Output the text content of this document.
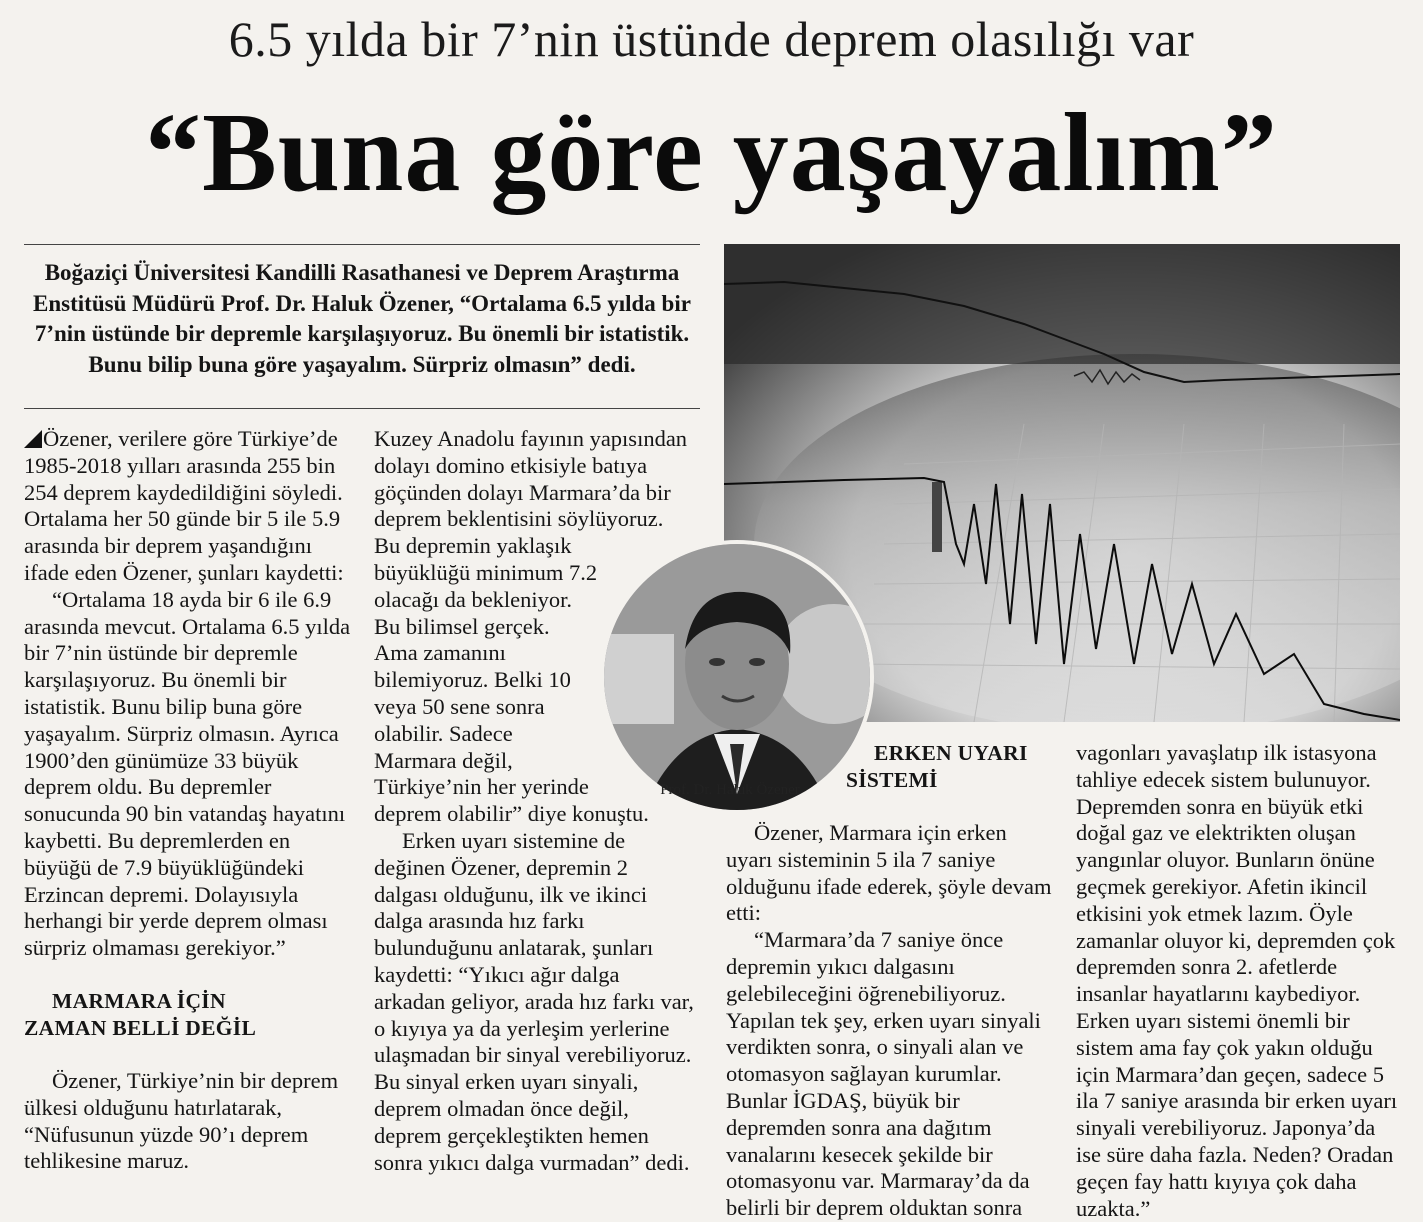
6.5 yılda bir 7’nin üstünde deprem olasılığı var
“Buna göre yaşayalım”
Boğaziçi Üniversitesi Kandilli Rasathanesi ve Deprem Araştırma Enstitüsü Müdürü Prof. Dr. Haluk Özener, “Ortalama 6.5 yılda bir 7’nin üstünde bir depremle karşılaşıyoruz. Bu önemli bir istatistik. Bunu bilip buna göre yaşayalım. Sürpriz olmasın” dedi.
Prof. Dr. Haluk Özener

Özener, verilere göre Türkiye’de 1985-2018 yılları arasında 255 bin 254 deprem kaydedildiğini söyledi. Ortalama her 50 günde bir 5 ile 5.9 arasında bir deprem yaşandığını ifade eden Özener, şunları kaydetti:

“Ortalama 18 ayda bir 6 ile 6.9 arasında mevcut. Ortalama 6.5 yılda bir 7’nin üstünde bir depremle karşılaşıyoruz. Bu önemli bir istatistik. Bunu bilip buna göre yaşayalım. Sürpriz olmasın. Ayrıca 1900’den günümüze 33 büyük deprem oldu. Bu depremler sonucunda 90 bin vatandaş hayatını kaybetti. Bu depremlerden en büyüğü de 7.9 büyüklüğündeki Erzincan depremi. Dolayısıyla herhangi bir yerde deprem olması sürpriz olmaması gerekiyor.”

MARMARA İÇİN ZAMAN BELLİ DEĞİL

Özener, Türkiye’nin bir deprem ülkesi olduğunu hatırlatarak, “Nüfusunun yüzde 90’ı deprem tehlikesine maruz.

Kuzey Anadolu fayının yapısından dolayı domino etkisiyle batıya göçünden dolayı Marmara’da bir deprem beklentisini söylüyoruz. Bu depremin yaklaşık büyüklüğü minimum 7.2 olacağı da bekleniyor. Bu bilimsel gerçek. Ama zamanını bilemiyoruz. Belki 10 veya 50 sene sonra olabilir. Sadece Marmara değil, Türkiye’nin her yerinde deprem olabilir” diye konuştu.

Erken uyarı sistemine de değinen Özener, depremin 2 dalgası olduğunu, ilk ve ikinci dalga arasında hız farkı bulunduğunu anlatarak, şunları kaydetti: “Yıkıcı ağır dalga arkadan geliyor, arada hız farkı var, o kıyıya ya da yerleşim yerlerine ulaşmadan bir sinyal verebiliyoruz. Bu sinyal erken uyarı sinyali, deprem olmadan önce değil, deprem gerçekleştikten hemen sonra yıkıcı dalga vurmadan” dedi.

ERKEN UYARI SİSTEMİ

Özener, Marmara için erken uyarı sisteminin 5 ila 7 saniye olduğunu ifade ederek, şöyle devam etti:

“Marmara’da 7 saniye önce depremin yıkıcı dalgasını gelebileceğini öğrenebiliyoruz. Yapılan tek şey, erken uyarı sinyali verdikten sonra, o sinyali alan ve otomasyon sağlayan kurumlar. Bunlar İGDAŞ, büyük bir depremden sonra ana dağıtım vanalarını kesecek şekilde bir otomasyonu var. Marmaray’da da belirli bir deprem olduktan sonra

vagonları yavaşlatıp ilk istasyona tahliye edecek sistem bulunuyor. Depremden sonra en büyük etki doğal gaz ve elektrikten oluşan yangınlar oluyor. Bunların önüne geçmek gerekiyor. Afetin ikincil etkisini yok etmek lazım. Öyle zamanlar oluyor ki, depremden çok depremden sonra 2. afetlerde insanlar hayatlarını kaybediyor. Erken uyarı sistemi önemli bir sistem ama fay çok yakın olduğu için Marmara’dan geçen, sadece 5 ila 7 saniye arasında bir erken uyarı sinyali verebiliyoruz. Japonya’da ise süre daha fazla. Neden? Oradan geçen fay hattı kıyıya çok daha uzakta.”
